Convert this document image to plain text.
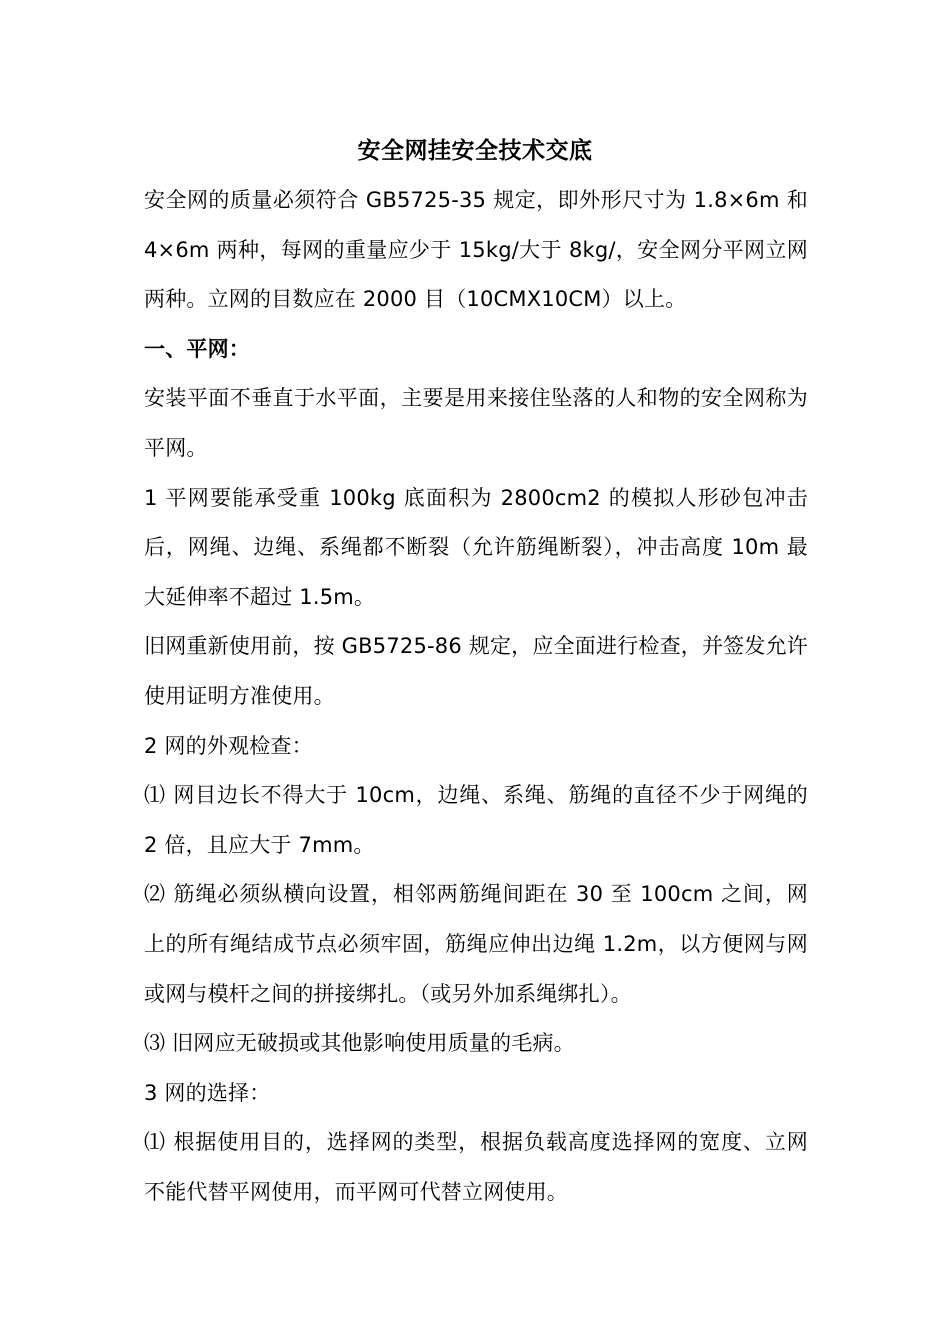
安全网挂安全技术交底

安全网的质量必须符合 GB5725-35 规定，即外形尺寸为 1.8×6m 和 4×6m 两种，每网的重量应少于 15kg/大于 8kg/，安全网分平网立网两种。立网的目数应在 2000 目（10CMX10CM）以上。

一、平网：

安装平面不垂直于水平面，主要是用来接住坠落的人和物的安全网称为平网。

1 平网要能承受重 100kg 底面积为 2800cm2 的模拟人形砂包冲击后，网绳、边绳、系绳都不断裂（允许筋绳断裂），冲击高度 10m 最大延伸率不超过 1.5m。

旧网重新使用前，按 GB5725-86 规定，应全面进行检查，并签发允许使用证明方准使用。

2 网的外观检查：

⑴ 网目边长不得大于 10cm，边绳、系绳、筋绳的直径不少于网绳的 2 倍，且应大于 7mm。

⑵ 筋绳必须纵横向设置，相邻两筋绳间距在 30 至 100cm 之间，网上的所有绳结成节点必须牢固，筋绳应伸出边绳 1.2m，以方便网与网或网与模杆之间的拼接绑扎。（或另外加系绳绑扎）。

⑶ 旧网应无破损或其他影响使用质量的毛病。

3 网的选择：

⑴ 根据使用目的，选择网的类型，根据负载高度选择网的宽度、立网不能代替平网使用，而平网可代替立网使用。
